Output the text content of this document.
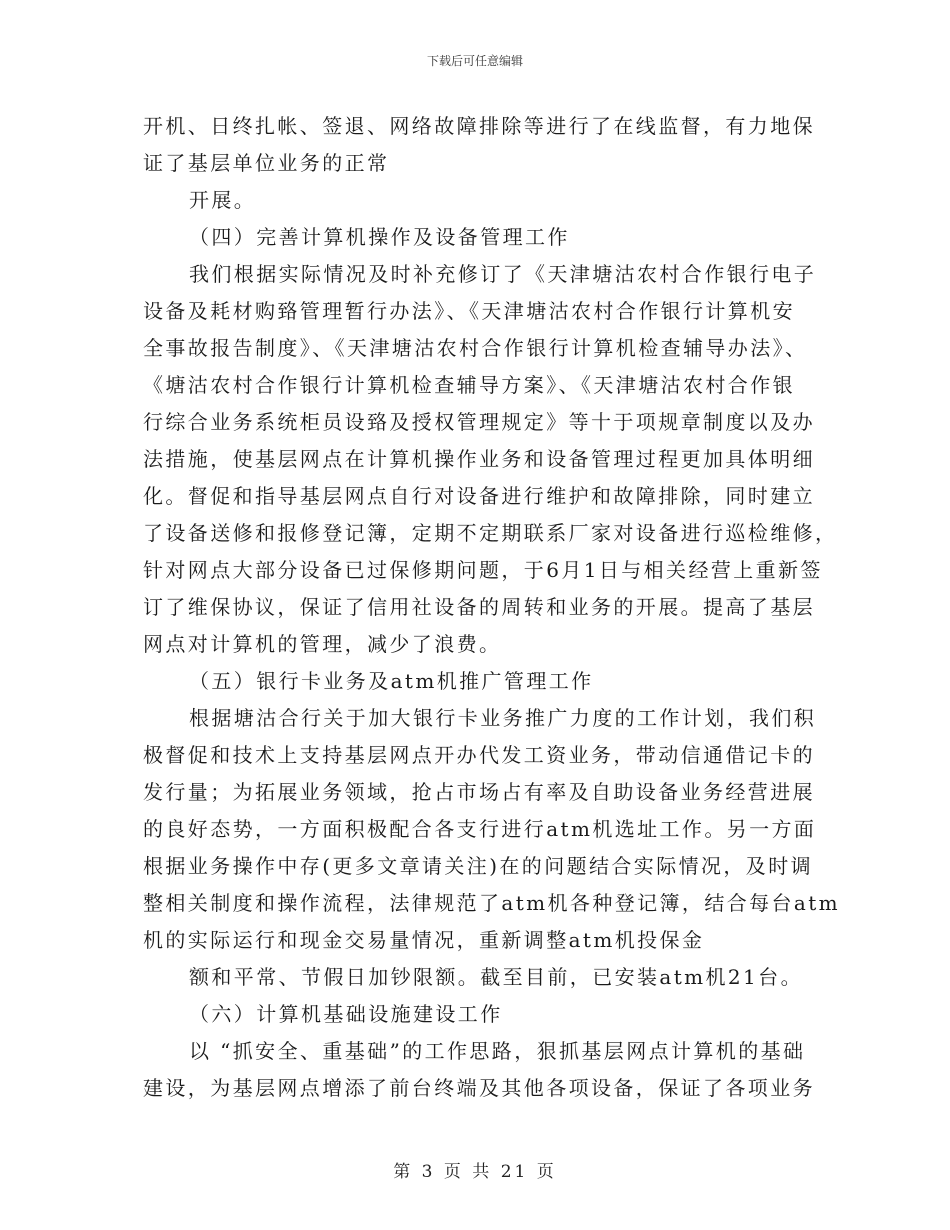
下载后可任意编辑
开机、日终扎帐、签退、网络故障排除等进行了在线监督，有力地保
证了基层单位业务的正常
开展。
（四）完善计算机操作及设备管理工作
我们根据实际情况及时补充修订了《天津塘沽农村合作银行电子
设备及耗材购臵管理暂行办法》、《天津塘沽农村合作银行计算机安
全事故报告制度》、《天津塘沽农村合作银行计算机检查辅导办法》、
《塘沽农村合作银行计算机检查辅导方案》、《天津塘沽农村合作银
行综合业务系统柜员设臵及授权管理规定》等十于项规章制度以及办
法措施，使基层网点在计算机操作业务和设备管理过程更加具体明细
化。督促和指导基层网点自行对设备进行维护和故障排除，同时建立
了设备送修和报修登记簿，定期不定期联系厂家对设备进行巡检维修，
针对网点大部分设备已过保修期问题，于6月1日与相关经营上重新签
订了维保协议，保证了信用社设备的周转和业务的开展。提高了基层
网点对计算机的管理，减少了浪费。
（五）银行卡业务及atm机推广管理工作
根据塘沽合行关于加大银行卡业务推广力度的工作计划，我们积
极督促和技术上支持基层网点开办代发工资业务，带动信通借记卡的
发行量；为拓展业务领域，抢占市场占有率及自助设备业务经营进展
的良好态势，一方面积极配合各支行进行atm机选址工作。另一方面
根据业务操作中存(更多文章请关注)在的问题结合实际情况，及时调
整相关制度和操作流程，法律规范了atm机各种登记簿，结合每台atm
机的实际运行和现金交易量情况，重新调整atm机投保金
额和平常、节假日加钞限额。截至目前，已安装atm机21台。
（六）计算机基础设施建设工作
以 “抓安全、重基础”的工作思路，狠抓基层网点计算机的基础
建设，为基层网点增添了前台终端及其他各项设备，保证了各项业务
第 3 页 共 21 页
